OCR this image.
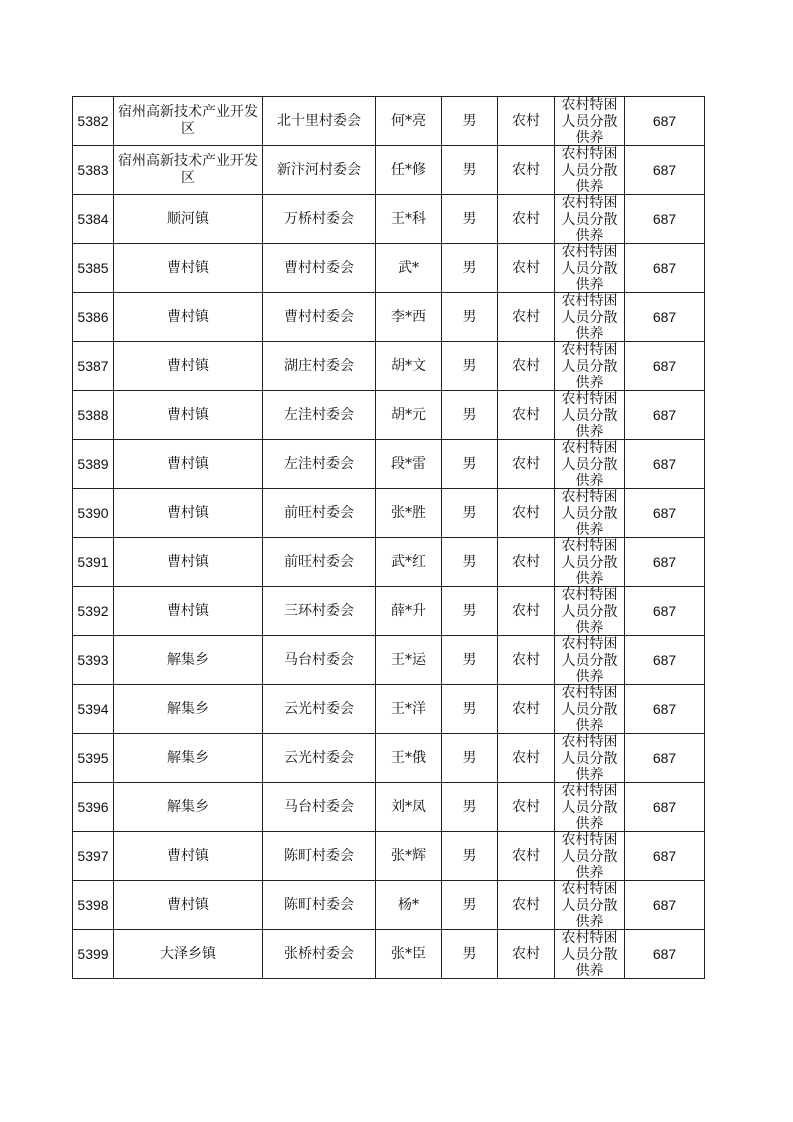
5382	宿州高新技术产业开发区	北十里村委会	何*亮	男	农村	农村特困
人员分散
供养	687
5383	宿州高新技术产业开发区	新汴河村委会	任*修	男	农村	农村特困
人员分散
供养	687
5384	顺河镇	万桥村委会	王*科	男	农村	农村特困
人员分散
供养	687
5385	曹村镇	曹村村委会	武*	男	农村	农村特困
人员分散
供养	687
5386	曹村镇	曹村村委会	李*西	男	农村	农村特困
人员分散
供养	687
5387	曹村镇	湖庄村委会	胡*文	男	农村	农村特困
人员分散
供养	687
5388	曹村镇	左洼村委会	胡*元	男	农村	农村特困
人员分散
供养	687
5389	曹村镇	左洼村委会	段*雷	男	农村	农村特困
人员分散
供养	687
5390	曹村镇	前旺村委会	张*胜	男	农村	农村特困
人员分散
供养	687
5391	曹村镇	前旺村委会	武*红	男	农村	农村特困
人员分散
供养	687
5392	曹村镇	三环村委会	薛*升	男	农村	农村特困
人员分散
供养	687
5393	解集乡	马台村委会	王*运	男	农村	农村特困
人员分散
供养	687
5394	解集乡	云光村委会	王*洋	男	农村	农村特困
人员分散
供养	687
5395	解集乡	云光村委会	王*俄	男	农村	农村特困
人员分散
供养	687
5396	解集乡	马台村委会	刘*凤	男	农村	农村特困
人员分散
供养	687
5397	曹村镇	陈町村委会	张*辉	男	农村	农村特困
人员分散
供养	687
5398	曹村镇	陈町村委会	杨*	男	农村	农村特困
人员分散
供养	687
5399	大泽乡镇	张桥村委会	张*臣	男	农村	农村特困
人员分散
供养	687
